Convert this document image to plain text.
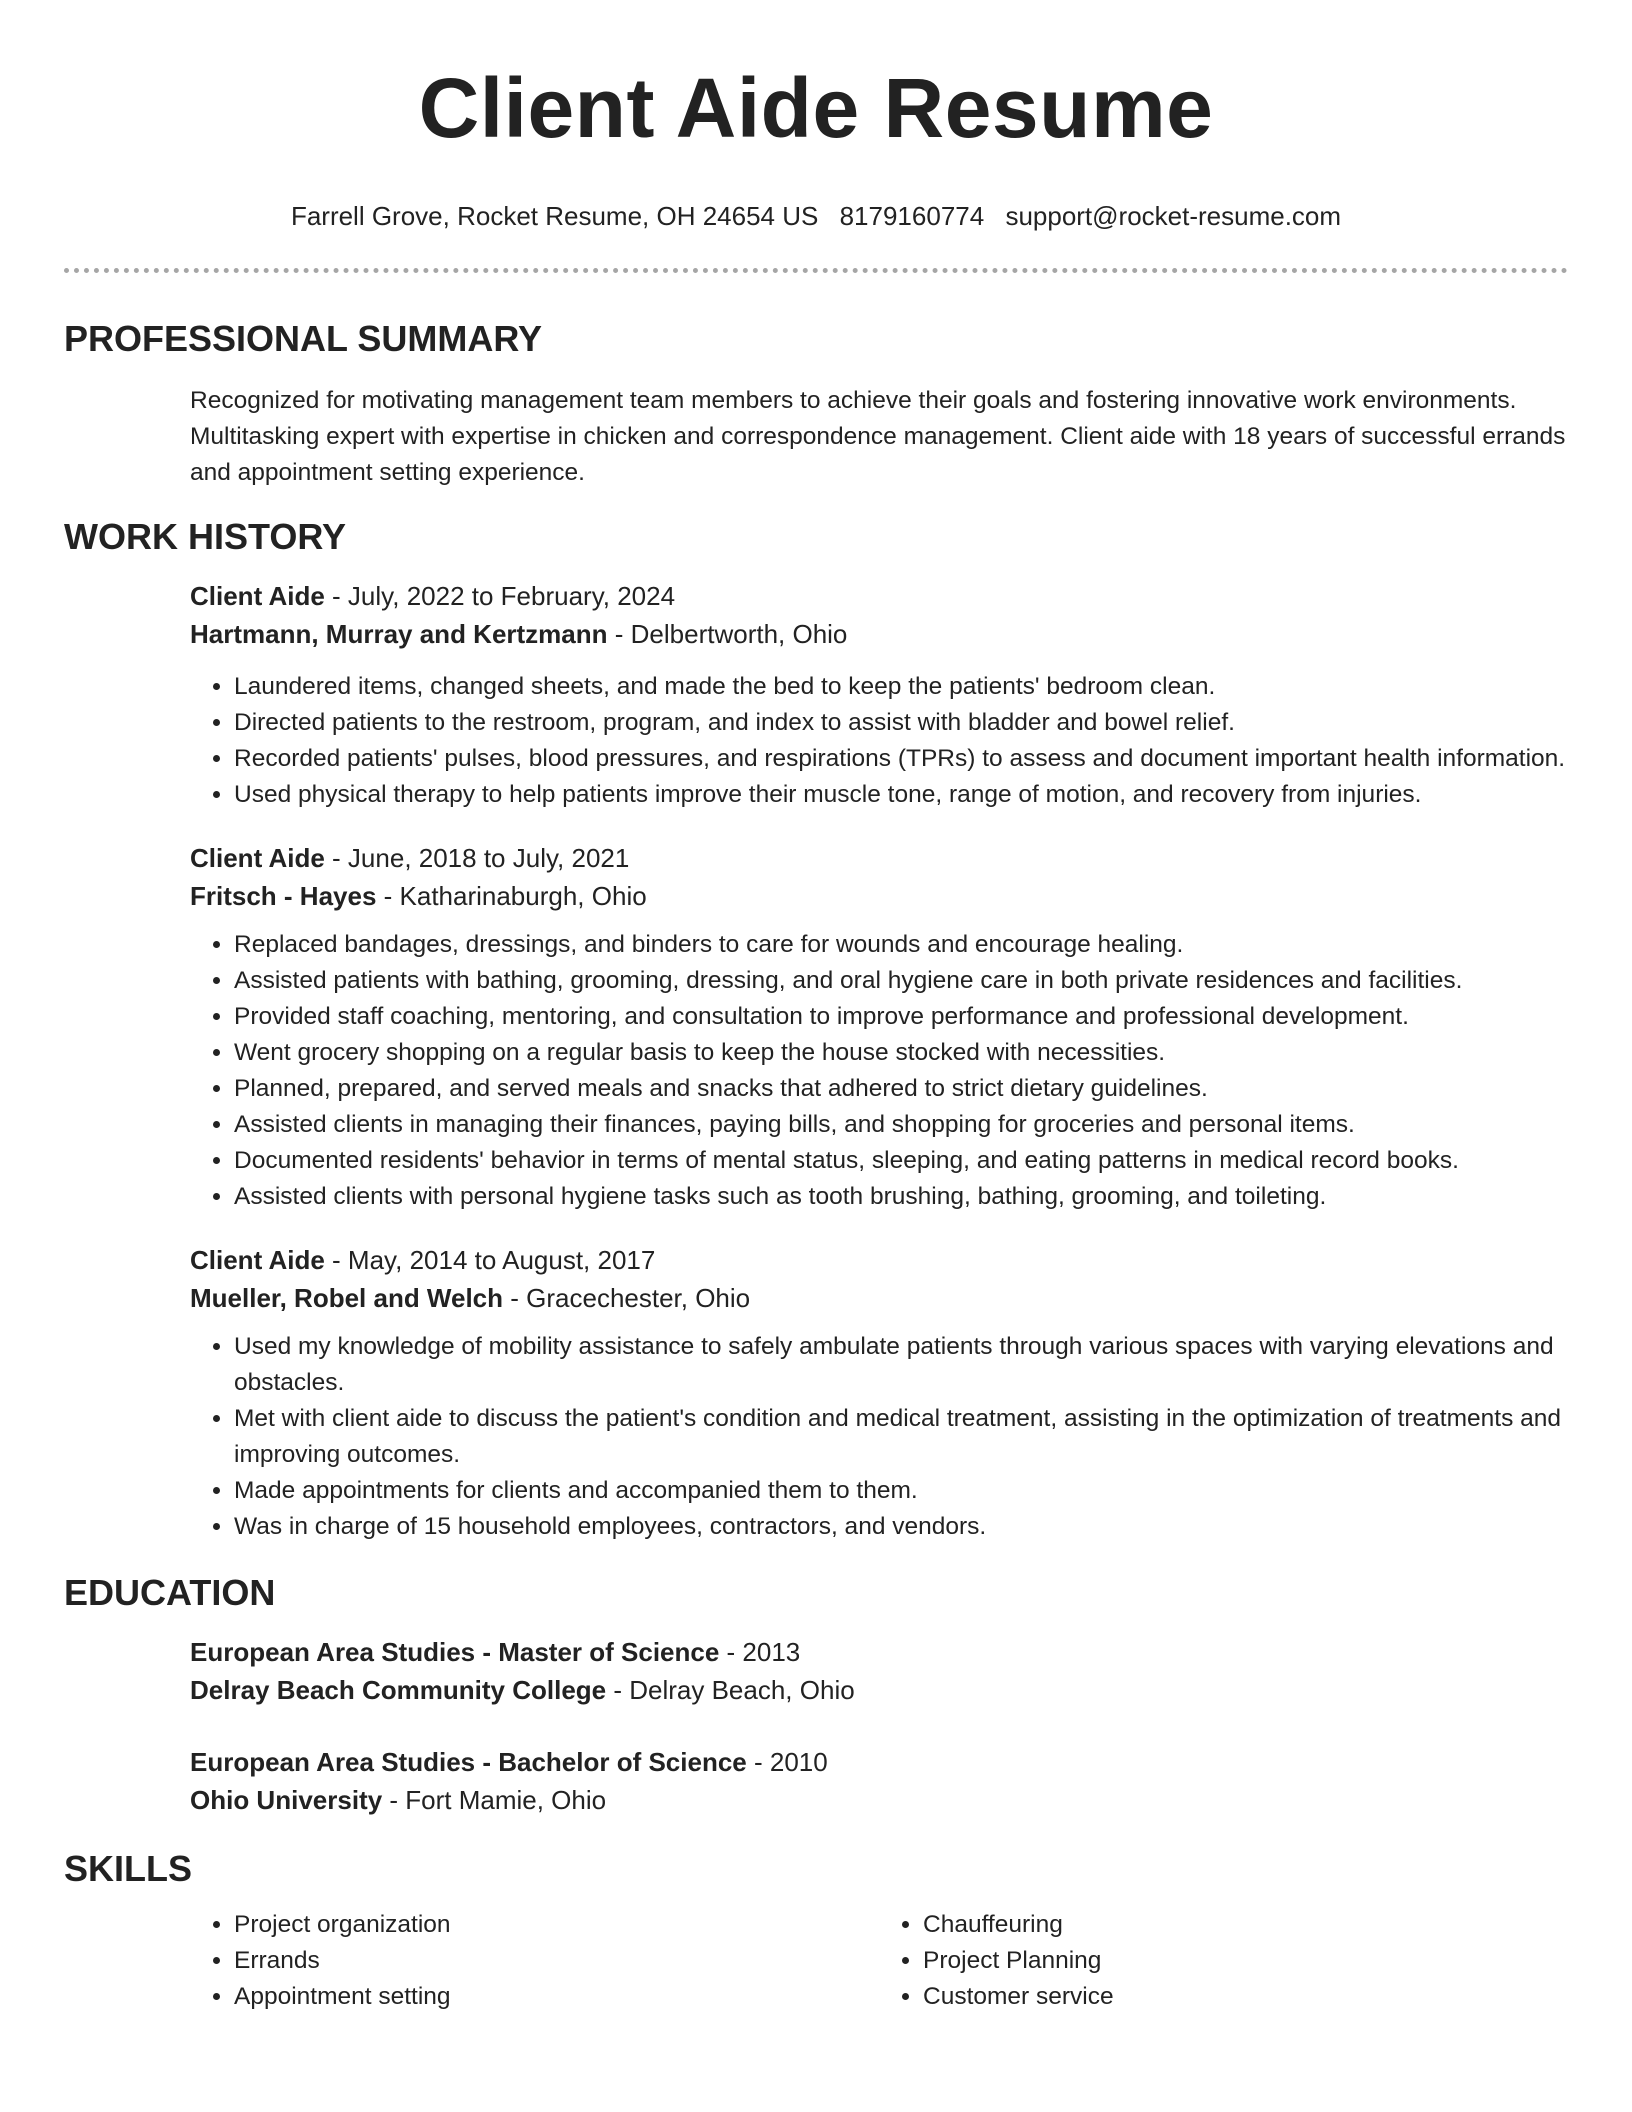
Client Aide Resume
Farrell Grove, Rocket Resume, OH 24654 US 8179160774 support@rocket-resume.com
PROFESSIONAL SUMMARY

Recognized for motivating management team members to achieve their goals and fostering innovative work environments. Multitasking expert with expertise in chicken and correspondence management. Client aide with 18 years of successful errands and appointment setting experience.

WORK HISTORY
Client Aide - July, 2022 to February, 2024
Hartmann, Murray and Kertzmann - Delbertworth, Ohio
• Laundered items, changed sheets, and made the bed to keep the patients' bedroom clean.
• Directed patients to the restroom, program, and index to assist with bladder and bowel relief.
• Recorded patients' pulses, blood pressures, and respirations (TPRs) to assess and document important health information.
• Used physical therapy to help patients improve their muscle tone, range of motion, and recovery from injuries.
Client Aide - June, 2018 to July, 2021
Fritsch - Hayes - Katharinaburgh, Ohio
• Replaced bandages, dressings, and binders to care for wounds and encourage healing.
• Assisted patients with bathing, grooming, dressing, and oral hygiene care in both private residences and facilities.
• Provided staff coaching, mentoring, and consultation to improve performance and professional development.
• Went grocery shopping on a regular basis to keep the house stocked with necessities.
• Planned, prepared, and served meals and snacks that adhered to strict dietary guidelines.
• Assisted clients in managing their finances, paying bills, and shopping for groceries and personal items.
• Documented residents' behavior in terms of mental status, sleeping, and eating patterns in medical record books.
• Assisted clients with personal hygiene tasks such as tooth brushing, bathing, grooming, and toileting.
Client Aide - May, 2014 to August, 2017
Mueller, Robel and Welch - Gracechester, Ohio
• Used my knowledge of mobility assistance to safely ambulate patients through various spaces with varying elevations and obstacles.
• Met with client aide to discuss the patient's condition and medical treatment, assisting in the optimization of treatments and improving outcomes.
• Made appointments for clients and accompanied them to them.
• Was in charge of 15 household employees, contractors, and vendors.
EDUCATION
European Area Studies - Master of Science - 2013
Delray Beach Community College - Delray Beach, Ohio
European Area Studies - Bachelor of Science - 2010
Ohio University - Fort Mamie, Ohio
SKILLS
• Project organization
• Errands
• Appointment setting
• Chauffeuring
• Project Planning
• Customer service
